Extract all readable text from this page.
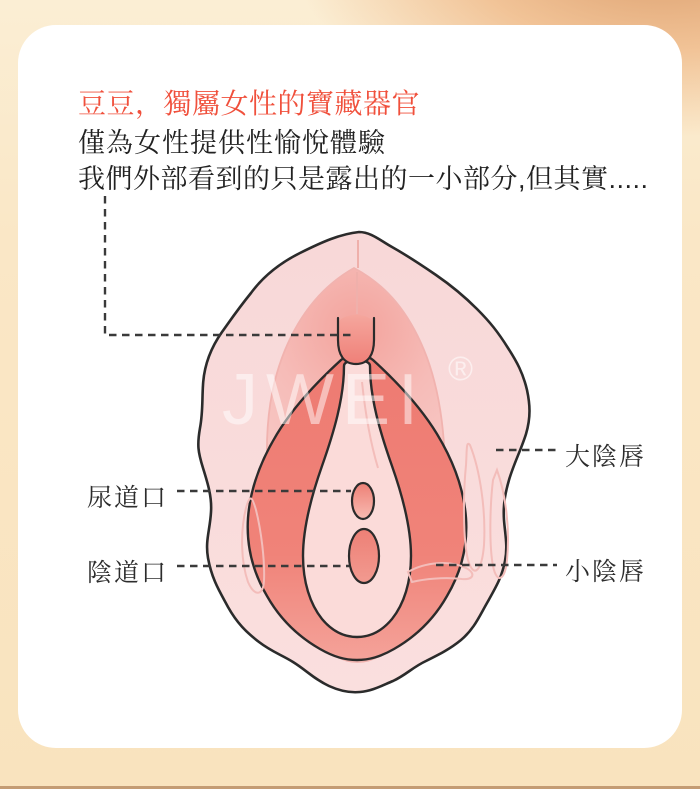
豆豆，獨屬女性的寶藏器官
僅為女性提供性愉悅體驗
我們外部看到的只是露出的一小部分,但其實.....
JWEI ®
尿道口
陰道口
大陰唇
小陰唇
